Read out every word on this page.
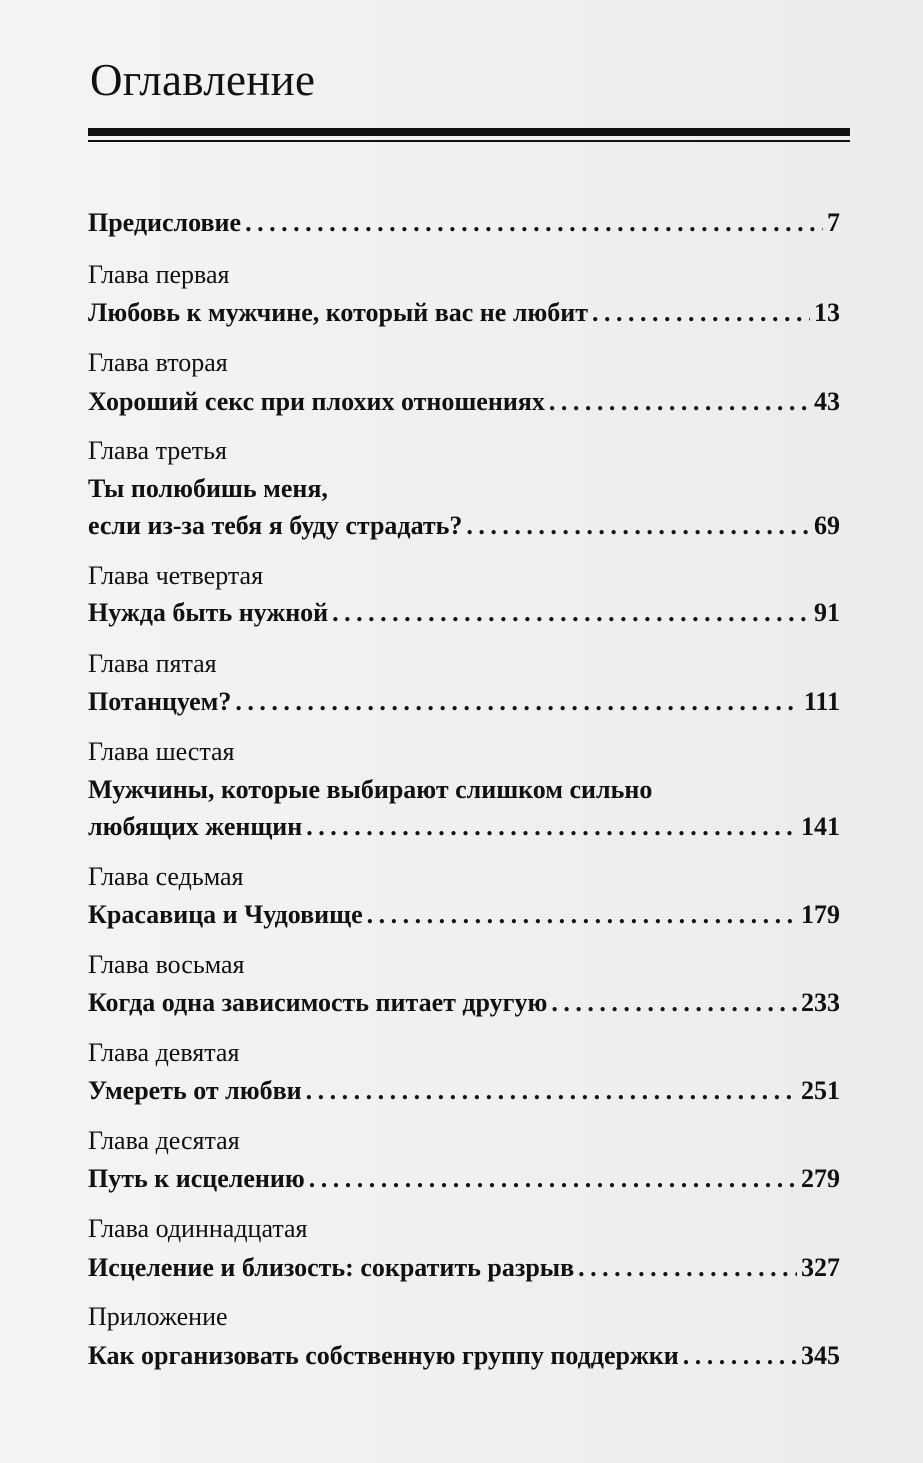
Оглавление
Предисловие . . .	7
Глава первая
Любовь к мужчине, который вас не любит . . .	13
Глава вторая
Хороший секс при плохих отношениях . . .	43
Глава третья
Ты полюбишь меня,
если из-за тебя я буду страдать? . . .	69
Глава четвертая
Нужда быть нужной . . .	91
Глава пятая
Потанцуем? . . .	111
Глава шестая
Мужчины, которые выбирают слишком сильно
любящих женщин . . .	141
Глава седьмая
Красавица и Чудовище . . .	179
Глава восьмая
Когда одна зависимость питает другую . . .	233
Глава девятая
Умереть от любви . . .	251
Глава десятая
Путь к исцелению . . .	279
Глава одиннадцатая
Исцеление и близость: сократить разрыв . . .	327
Приложение
Как организовать собственную группу поддержки . . .	345
